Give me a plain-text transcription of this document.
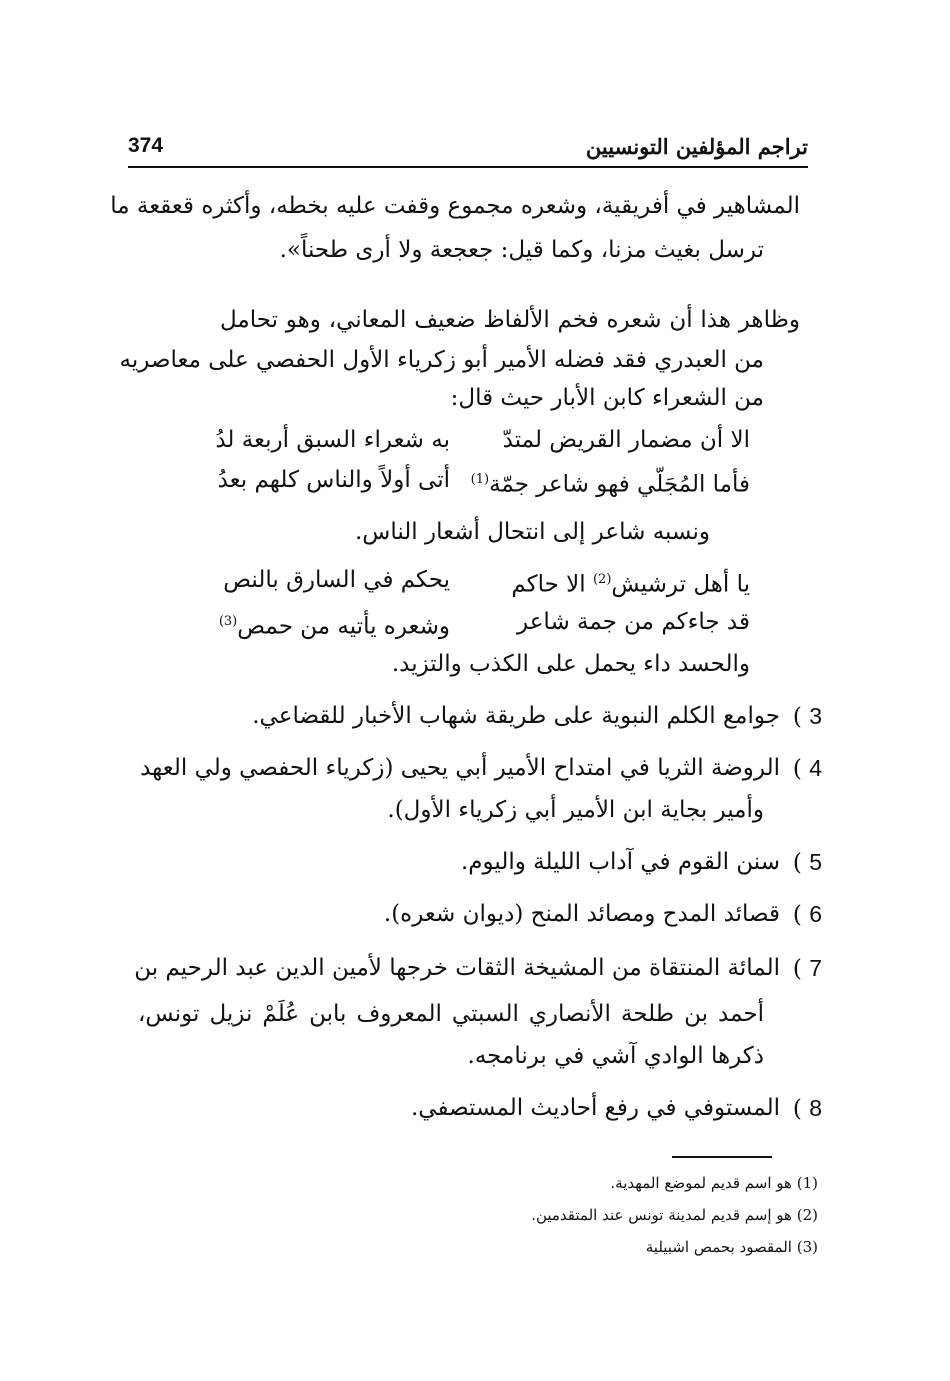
تراجم المؤلفين التونسيين
374
المشاهير في أفريقية، وشعره مجموع وقفت عليه بخطه، وأكثره قعقعة ما
ترسل بغيث مزنا، وكما قيل: جعجعة ولا أرى طحناً».
وظاهر هذا أن شعره فخم الألفاظ ضعيف المعاني، وهو تحامل
من العبدري فقد فضله الأمير أبو زكرياء الأول الحفصي على معاصريه
من الشعراء كابن الأبار حيث قال:
الا أن مضمار القريض لمتدّ
به شعراء السبق أربعة لدُ
فأما المُجَلّي فهو شاعر جمّة$^{(1)}$
أتى أولاً والناس كلهم بعدُ
ونسبه شاعر إلى انتحال أشعار الناس.
يا أهل ترشيش$^{(2)}$ الا حاكم
يحكم في السارق بالنص
قد جاءكم من جمة شاعر
وشعره يأتيه من حمص$^{(3)}$
والحسد داء يحمل على الكذب والتزيد.
3 )
جوامع الكلم النبوية على طريقة شهاب الأخبار للقضاعي.
4 )
الروضة الثريا في امتداح الأمير أبي يحيى (زكرياء الحفصي ولي العهد
وأمير بجاية ابن الأمير أبي زكرياء الأول).
5 )
سنن القوم في آداب الليلة واليوم.
6 )
قصائد المدح ومصائد المنح (ديوان شعره).
7 )
المائة المنتقاة من المشيخة الثقات خرجها لأمين الدين عبد الرحيم بن
أحمد بن طلحة الأنصاري السبتي المعروف بابن عُلَمْ نزيل تونس،
ذكرها الوادي آشي في برنامجه.
8 )
المستوفي في رفع أحاديث المستصفي.
(1) هو اسم قديم لموضع المهدية.
(2) هو إسم قديم لمدينة تونس عند المتقدمين.
(3) المقصود بحمص اشبيلية
